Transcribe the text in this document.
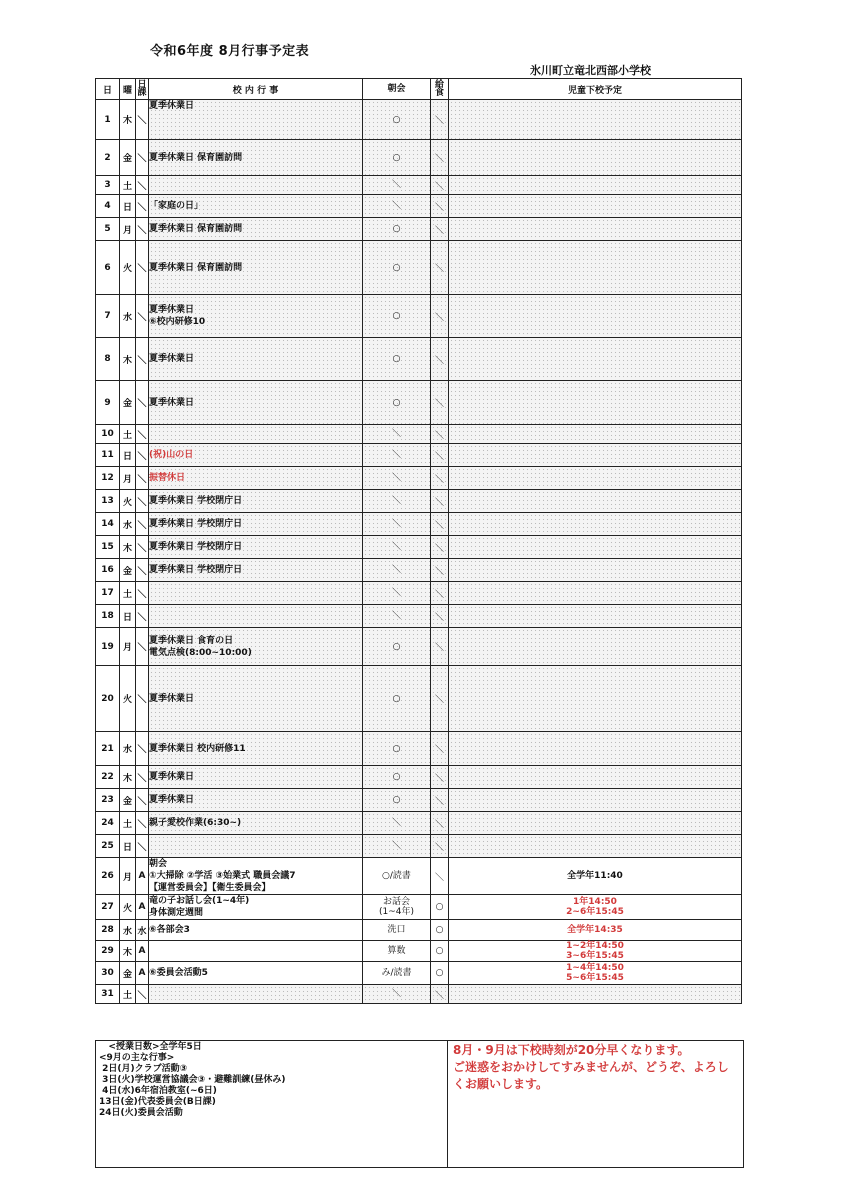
令和6年度 8月行事予定表
氷川町立竜北西部小学校
日	曜	日課	校 内 行 事	朝会	給食	児童下校予定
1	木	＼	夏季休業日	○	＼	
2	金	＼	夏季休業日 保育園訪問	○	＼	
3	土	＼		＼	＼	
4	日	＼	「家庭の日」	＼	＼	
5	月	＼	夏季休業日 保育園訪問	○	＼	
6	火	＼	夏季休業日 保育園訪問	○	＼	
7	水	＼	夏季休業日
⑥校内研修10	○	＼	
8	木	＼	夏季休業日	○	＼	
9	金	＼	夏季休業日	○	＼	
10	土	＼		＼	＼	
11	日	＼	(祝)山の日	＼	＼	
12	月	＼	振替休日	＼	＼	
13	火	＼	夏季休業日 学校閉庁日	＼	＼	
14	水	＼	夏季休業日 学校閉庁日	＼	＼	
15	木	＼	夏季休業日 学校閉庁日	＼	＼	
16	金	＼	夏季休業日 学校閉庁日	＼	＼	
17	土	＼		＼	＼	
18	日	＼		＼	＼	
19	月	＼	夏季休業日 食育の日
電気点検(8:00~10:00)	○	＼	
20	火	＼	夏季休業日	○	＼	
21	水	＼	夏季休業日 校内研修11	○	＼	
22	木	＼	夏季休業日	○	＼	
23	金	＼	夏季休業日	○	＼	
24	土	＼	親子愛校作業(6:30~)	＼	＼	
25	日	＼		＼	＼	
26	月	A	朝会
①大掃除 ②学活 ③始業式 職員会議7
【運営委員会】【衛生委員会】	○/読書	＼	全学年11:40
27	火	A	竜の子お話し会(1~4年)
身体測定週間	お話会
(1~4年)	○	1年14:50
2~6年15:45
28	水	水	⑥各部会3	洗口	○	全学年14:35
29	木	A		算数	○	1~2年14:50
3~6年15:45
30	金	A	⑥委員会活動5	み/読書	○	1~4年14:50
5~6年15:45
31	土	＼		＼	＼	
<授業日数>全学年5日
<9月の主な行事>
2日(月)クラブ活動③
3日(火)学校運営協議会③・避難訓練(昼休み)
4日(水)6年宿泊教室(~6日)
13日(金)代表委員会(B日課)
24日(火)委員会活動
8月・9月は下校時刻が20分早くなります。
ご迷惑をおかけしてすみませんが、どうぞ、よろし
くお願いします。
